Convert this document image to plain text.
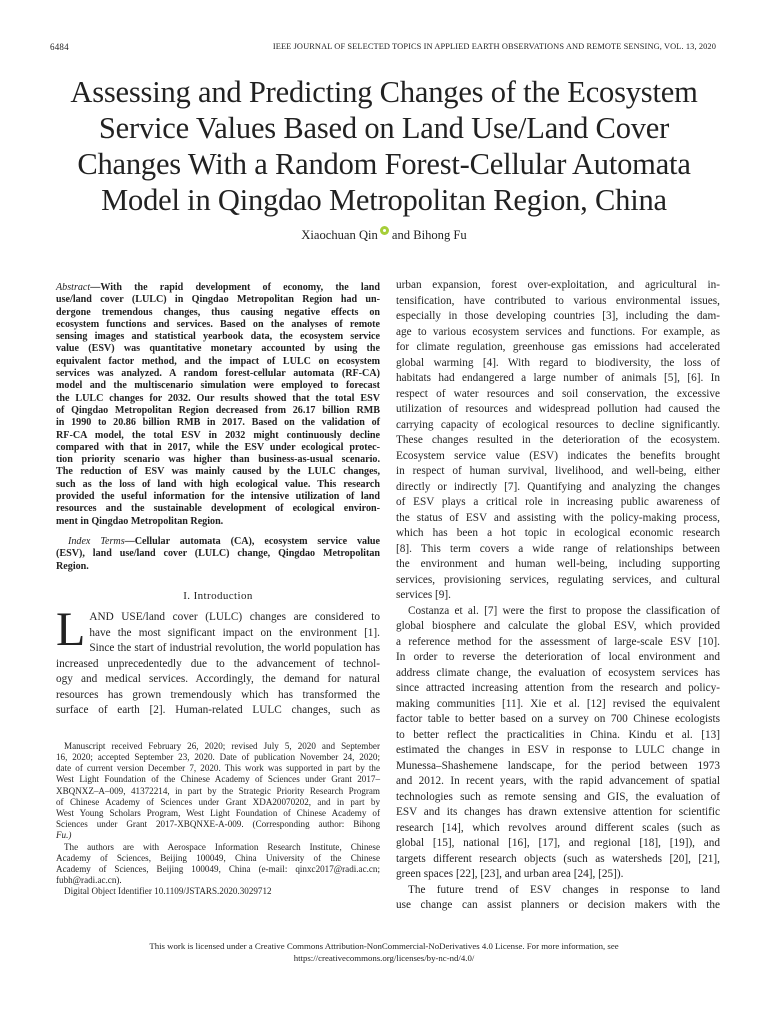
6484	IEEE JOURNAL OF SELECTED TOPICS IN APPLIED EARTH OBSERVATIONS AND REMOTE SENSING, VOL. 13, 2020
Assessing and Predicting Changes of the Ecosystem
Service Values Based on Land Use/Land Cover
Changes With a Random Forest-Cellular Automata
Model in Qingdao Metropolitan Region, China
Xiaochuan Qin and Bihong Fu
Abstract—With the rapid development of economy, the land
use/land cover (LULC) in Qingdao Metropolitan Region had un-
dergone tremendous changes, thus causing negative effects on
ecosystem functions and services. Based on the analyses of remote
sensing images and statistical yearbook data, the ecosystem service
value (ESV) was quantitative monetary accounted by using the
equivalent factor method, and the impact of LULC on ecosystem
services was analyzed. A random forest-cellular automata (RF-CA)
model and the multiscenario simulation were employed to forecast
the LULC changes for 2032. Our results showed that the total ESV
of Qingdao Metropolitan Region decreased from 26.17 billion RMB
in 1990 to 20.86 billion RMB in 2017. Based on the validation of
RF-CA model, the total ESV in 2032 might continuously decline
compared with that in 2017, while the ESV under ecological protec-
tion priority scenario was higher than business-as-usual scenario.
The reduction of ESV was mainly caused by the LULC changes,
such as the loss of land with high ecological value. This research
provided the useful information for the intensive utilization of land
resources and the sustainable development of ecological environ-
ment in Qingdao Metropolitan Region.
Index Terms—Cellular automata (CA), ecosystem service value
(ESV), land use/land cover (LULC) change, Qingdao Metropolitan
Region.
I. Introduction
L AND USE/land cover (LULC) changes are considered to
have the most significant impact on the environment [1].
Since the start of industrial revolution, the world population has
increased unprecedentedly due to the advancement of technol-
ogy and medical services. Accordingly, the demand for natural
resources has grown tremendously which has transformed the
surface of earth [2]. Human-related LULC changes, such as
Manuscript received February 26, 2020; revised July 5, 2020 and September
16, 2020; accepted September 23, 2020. Date of publication November 24, 2020;
date of current version December 7, 2020. This work was supported in part by the
West Light Foundation of the Chinese Academy of Sciences under Grant 2017–
XBQNXZ–A–009, 41372214, in part by the Strategic Priority Research Program
of Chinese Academy of Sciences under Grant XDA20070202, and in part by
West Young Scholars Program, West Light Foundation of Chinese Academy of
Sciences under Grant 2017-XBQNXE-A-009. (Corresponding author: Bihong
Fu.)
The authors are with Aerospace Information Research Institute, Chinese
Academy of Sciences, Beijing 100049, China University of the Chinese
Academy of Sciences, Beijing 100049, China (e-mail: qinxc2017@radi.ac.cn;
fubh@radi.ac.cn).
Digital Object Identifier 10.1109/JSTARS.2020.3029712
urban expansion, forest over-exploitation, and agricultural in-
tensification, have contributed to various environmental issues,
especially in those developing countries [3], including the dam-
age to various ecosystem services and functions. For example, as
for climate regulation, greenhouse gas emissions had accelerated
global warming [4]. With regard to biodiversity, the loss of
habitats had endangered a large number of animals [5], [6]. In
respect of water resources and soil conservation, the excessive
utilization of resources and widespread pollution had caused the
carrying capacity of ecological resources to decline significantly.
These changes resulted in the deterioration of the ecosystem.
Ecosystem service value (ESV) indicates the benefits brought
in respect of human survival, livelihood, and well-being, either
directly or indirectly [7]. Quantifying and analyzing the changes
of ESV plays a critical role in increasing public awareness of
the status of ESV and assisting with the policy-making process,
which has been a hot topic in ecological economic research
[8]. This term covers a wide range of relationships between
the environment and human well-being, including supporting
services, provisioning services, regulating services, and cultural
services [9].
Costanza et al. [7] were the first to propose the classification of
global biosphere and calculate the global ESV, which provided
a reference method for the assessment of large-scale ESV [10].
In order to reverse the deterioration of local environment and
address climate change, the evaluation of ecosystem services has
since attracted increasing attention from the research and policy-
making communities [11]. Xie et al. [12] revised the equivalent
factor table to better based on a survey on 700 Chinese ecologists
to better reflect the practicalities in China. Kindu et al. [13]
estimated the changes in ESV in response to LULC change in
Munessa–Shashemene landscape, for the period between 1973
and 2012. In recent years, with the rapid advancement of spatial
technologies such as remote sensing and GIS, the evaluation of
ESV and its changes has drawn extensive attention for scientific
research [14], which revolves around different scales (such as
global [15], national [16], [17], and regional [18], [19]), and
targets different research objects (such as watersheds [20], [21],
green spaces [22], [23], and urban area [24], [25]).
The future trend of ESV changes in response to land
use change can assist planners or decision makers with the
This work is licensed under a Creative Commons Attribution-NonCommercial-NoDerivatives 4.0 License. For more information, see
https://creativecommons.org/licenses/by-nc-nd/4.0/
